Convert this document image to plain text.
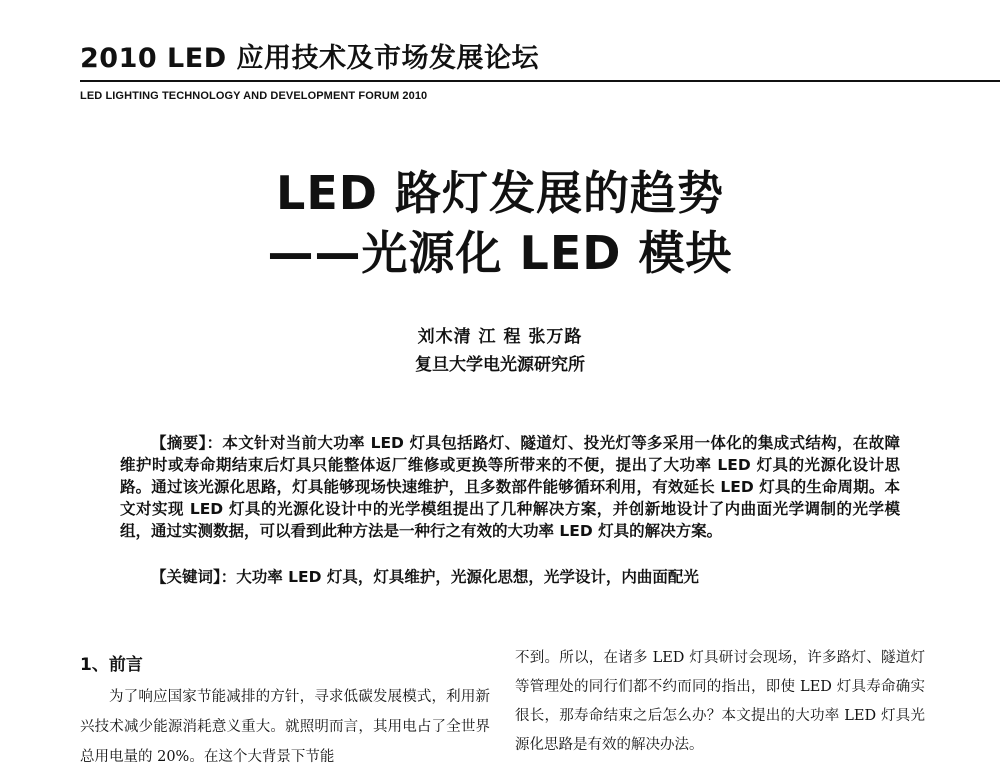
2010 LED 应用技术及市场发展论坛
LED LIGHTING TECHNOLOGY AND DEVELOPMENT FORUM 2010
LED 路灯发展的趋势
——光源化 LED 模块
刘木清 江 程 张万路
复旦大学电光源研究所

【摘要】：本文针对当前大功率 LED 灯具包括路灯、隧道灯、投光灯等多采用一体化的集成式结构，在故障维护时或寿命期结束后灯具只能整体返厂维修或更换等所带来的不便，提出了大功率 LED 灯具的光源化设计思路。通过该光源化思路，灯具能够现场快速维护，且多数部件能够循环利用，有效延长 LED 灯具的生命周期。本文对实现 LED 灯具的光源化设计中的光学模组提出了几种解决方案，并创新地设计了内曲面光学调制的光学模组，通过实测数据，可以看到此种方法是一种行之有效的大功率 LED 灯具的解决方案。

【关键词】：大功率 LED 灯具，灯具维护，光源化思想，光学设计，内曲面配光

1、前言

为了响应国家节能减排的方针，寻求低碳发展模式，利用新兴技术减少能源消耗意义重大。就照明而言，其用电占了全世界总用电量的 20%。在这个大背景下节能

不到。所以，在诸多 LED 灯具研讨会现场，许多路灯、隧道灯等管理处的同行们都不约而同的指出，即使 LED 灯具寿命确实很长，那寿命结束之后怎么办？本文提出的大功率 LED 灯具光源化思路是有效的解决办法。
